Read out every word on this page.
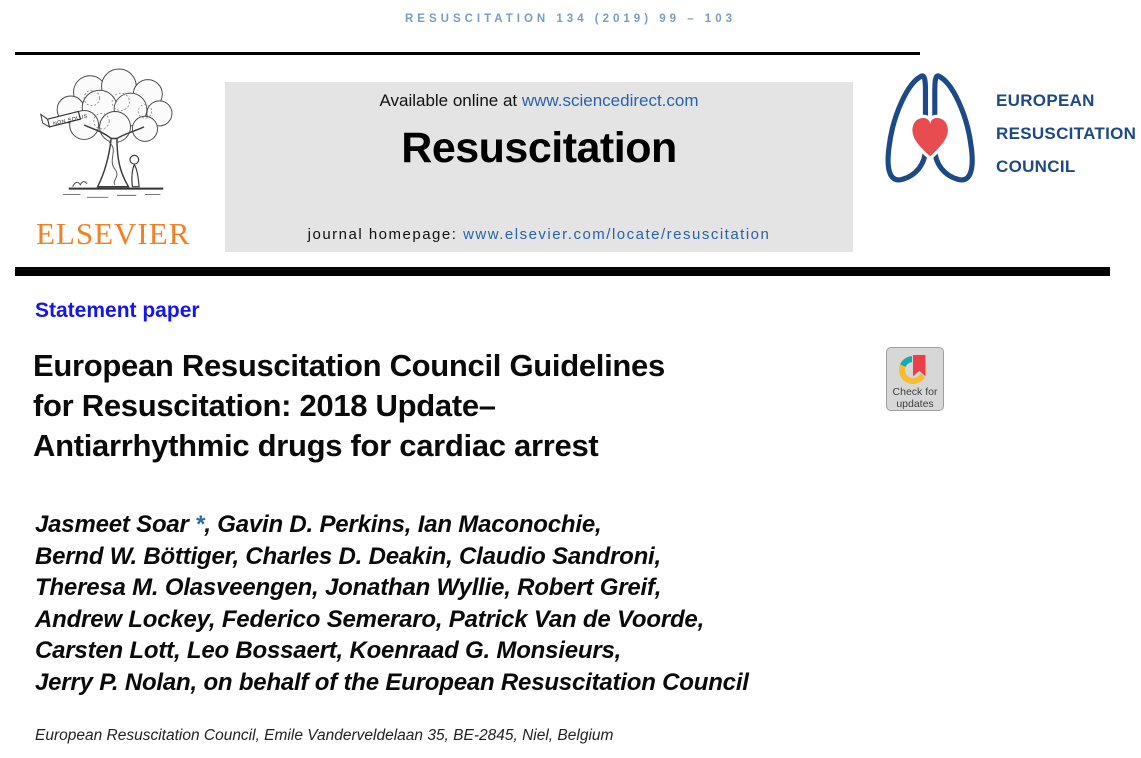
RESUSCITATION 134 (2019) 99 – 103
NON SOLUS
ELSEVIER
Available online at www.sciencedirect.com
Resuscitation
journal homepage: www.elsevier.com/locate/resuscitation
EUROPEAN
RESUSCITATION
COUNCIL
Statement paper
European Resuscitation Council Guidelines
for Resuscitation: 2018 Update–
Antiarrhythmic drugs for cardiac arrest
Check for
updates
Jasmeet Soar *, Gavin D. Perkins, Ian Maconochie,
Bernd W. Böttiger, Charles D. Deakin, Claudio Sandroni,
Theresa M. Olasveengen, Jonathan Wyllie, Robert Greif,
Andrew Lockey, Federico Semeraro, Patrick Van de Voorde,
Carsten Lott, Leo Bossaert, Koenraad G. Monsieurs,
Jerry P. Nolan, on behalf of the European Resuscitation Council
European Resuscitation Council, Emile Vanderveldelaan 35, BE-2845, Niel, Belgium
